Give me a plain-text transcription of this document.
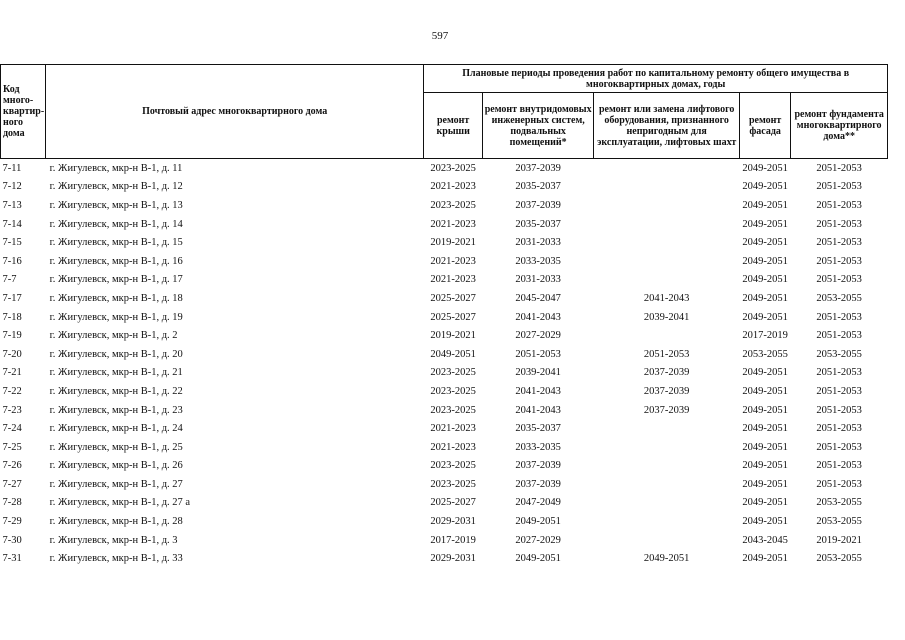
597
Код много-квартир-ного дома	Почтовый адрес многоквартирного дома	Плановые периоды проведения работ по капитальному ремонту общего имущества в многоквартирных домах, годы				
		ремонт крыши	ремонт внутридомовых инженерных систем, подвальных помещений*	ремонт или замена лифтового оборудования, признанного непригодным для эксплуатации, лифтовых шахт	ремонт фасада	ремонт фундамента многоквартирного дома**
7-11	г. Жигулевск, мкр-н В-1, д. 11	2023-2025	2037-2039		2049-2051	2051-2053
7-12	г. Жигулевск, мкр-н В-1, д. 12	2021-2023	2035-2037		2049-2051	2051-2053
7-13	г. Жигулевск, мкр-н В-1, д. 13	2023-2025	2037-2039		2049-2051	2051-2053
7-14	г. Жигулевск, мкр-н В-1, д. 14	2021-2023	2035-2037		2049-2051	2051-2053
7-15	г. Жигулевск, мкр-н В-1, д. 15	2019-2021	2031-2033		2049-2051	2051-2053
7-16	г. Жигулевск, мкр-н В-1, д. 16	2021-2023	2033-2035		2049-2051	2051-2053
7-7	г. Жигулевск, мкр-н В-1, д. 17	2021-2023	2031-2033		2049-2051	2051-2053
7-17	г. Жигулевск, мкр-н В-1, д. 18	2025-2027	2045-2047	2041-2043	2049-2051	2053-2055
7-18	г. Жигулевск, мкр-н В-1, д. 19	2025-2027	2041-2043	2039-2041	2049-2051	2051-2053
7-19	г. Жигулевск, мкр-н В-1, д. 2	2019-2021	2027-2029		2017-2019	2051-2053
7-20	г. Жигулевск, мкр-н В-1, д. 20	2049-2051	2051-2053	2051-2053	2053-2055	2053-2055
7-21	г. Жигулевск, мкр-н В-1, д. 21	2023-2025	2039-2041	2037-2039	2049-2051	2051-2053
7-22	г. Жигулевск, мкр-н В-1, д. 22	2023-2025	2041-2043	2037-2039	2049-2051	2051-2053
7-23	г. Жигулевск, мкр-н В-1, д. 23	2023-2025	2041-2043	2037-2039	2049-2051	2051-2053
7-24	г. Жигулевск, мкр-н В-1, д. 24	2021-2023	2035-2037		2049-2051	2051-2053
7-25	г. Жигулевск, мкр-н В-1, д. 25	2021-2023	2033-2035		2049-2051	2051-2053
7-26	г. Жигулевск, мкр-н В-1, д. 26	2023-2025	2037-2039		2049-2051	2051-2053
7-27	г. Жигулевск, мкр-н В-1, д. 27	2023-2025	2037-2039		2049-2051	2051-2053
7-28	г. Жигулевск, мкр-н В-1, д. 27 а	2025-2027	2047-2049		2049-2051	2053-2055
7-29	г. Жигулевск, мкр-н В-1, д. 28	2029-2031	2049-2051		2049-2051	2053-2055
7-30	г. Жигулевск, мкр-н В-1, д. 3	2017-2019	2027-2029		2043-2045	2019-2021
7-31	г. Жигулевск, мкр-н В-1, д. 33	2029-2031	2049-2051	2049-2051	2049-2051	2053-2055
